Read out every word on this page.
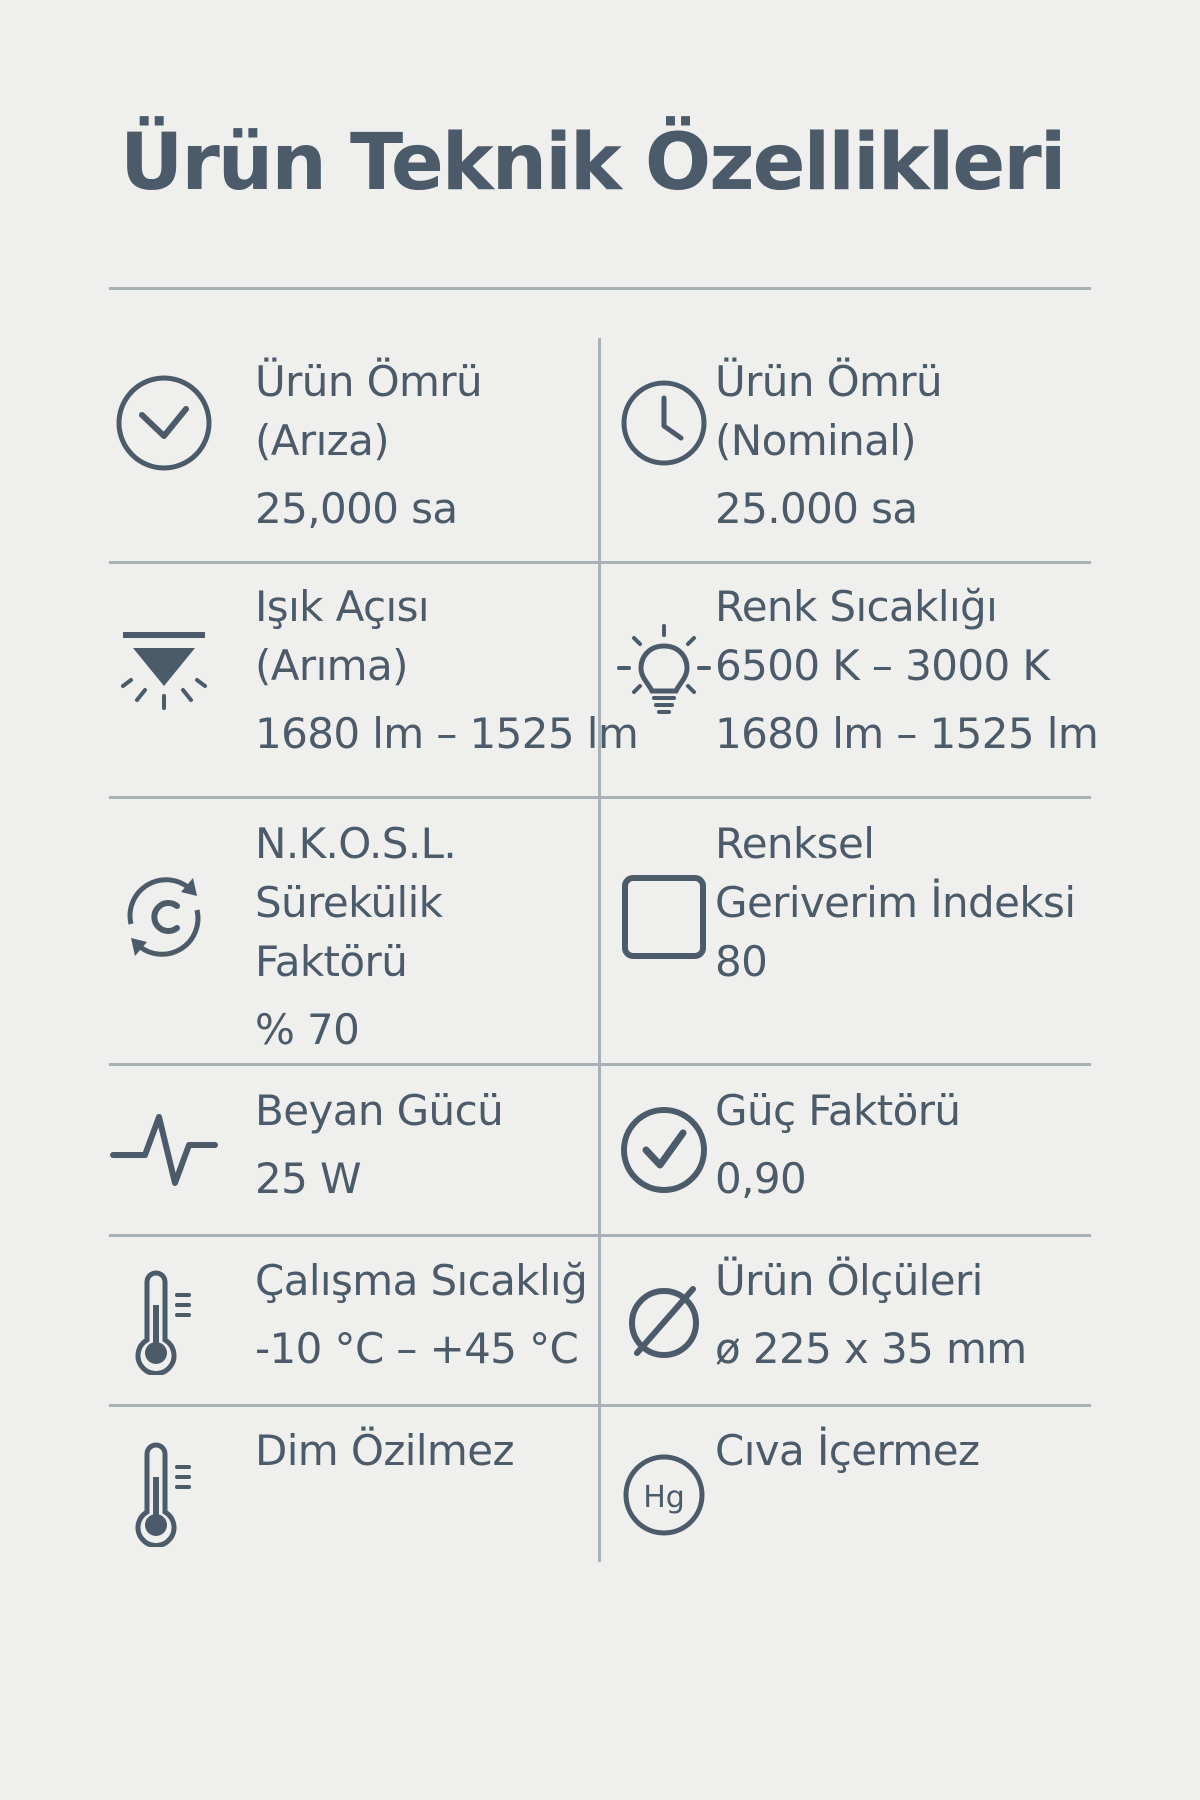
Ürün Teknik Özellikleri
Ürün Ömrü
(Arıza)
25,000 sa
Ürün Ömrü
(Nominal)
25.000 sa
Işık Açısı
(Arıma)
1680 lm – 1525 lm
Renk Sıcaklığı
6500 K – 3000 K
1680 lm – 1525 lm
N.K.O.S.L.
Sürekülik
Faktörü
% 70
Renksel
Geriverim İndeksi
80
Beyan Gücü
25 W
Güç Faktörü
0,90
Çalışma Sıcaklığ
-10 °C – +45 °C
Ürün Ölçüleri
ø 225 x 35 mm
Dim Özilmez
Hg
Cıva İçermez
